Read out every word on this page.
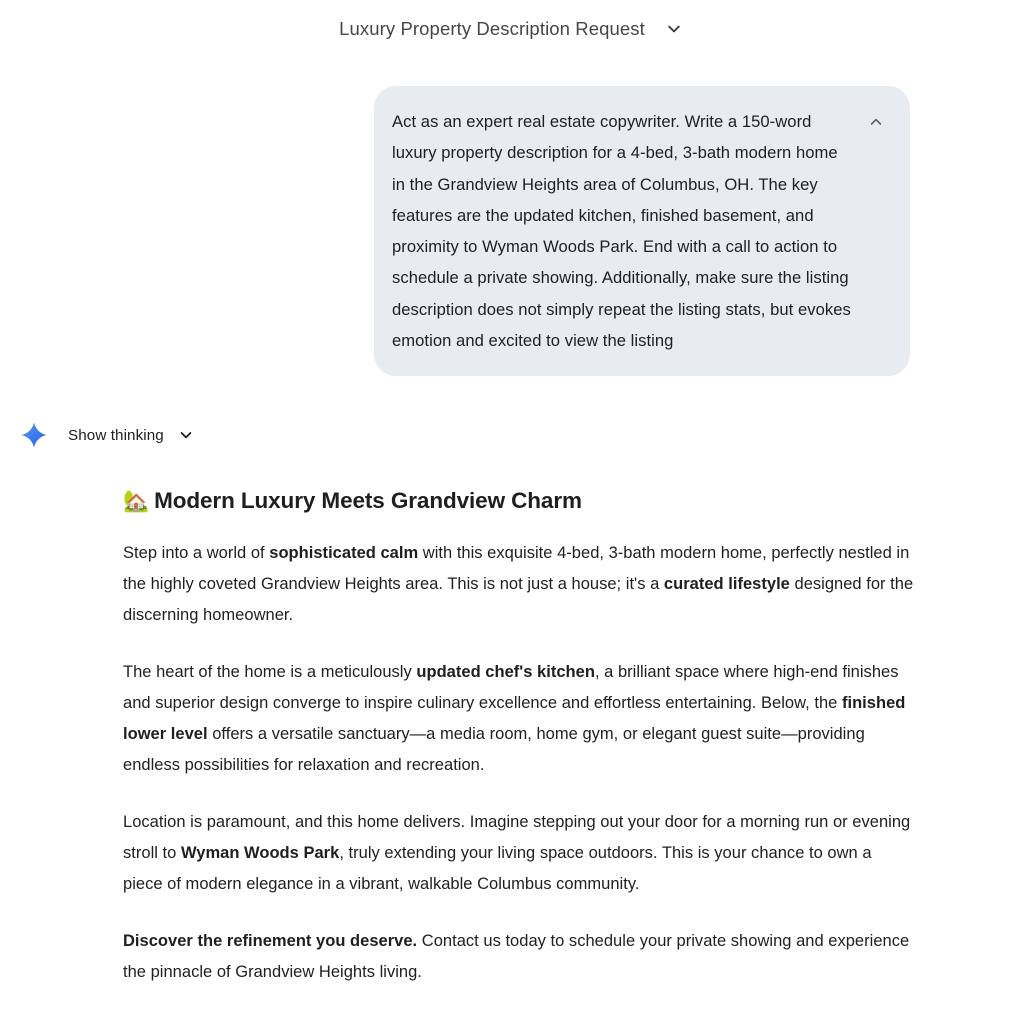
Luxury Property Description Request
Act as an expert real estate copywriter. Write a 150-word luxury property description for a 4-bed, 3-bath modern home in the Grandview Heights area of Columbus, OH. The key features are the updated kitchen, finished basement, and proximity to Wyman Woods Park. End with a call to action to schedule a private showing. Additionally, make sure the listing description does not simply repeat the listing stats, but evokes emotion and excited to view the listing
Show thinking
🏡 Modern Luxury Meets Grandview Charm

Step into a world of sophisticated calm with this exquisite 4-bed, 3-bath modern home, perfectly nestled in the highly coveted Grandview Heights area. This is not just a house; it's a curated lifestyle designed for the discerning homeowner.

The heart of the home is a meticulously updated chef's kitchen, a brilliant space where high-end finishes and superior design converge to inspire culinary excellence and effortless entertaining. Below, the finished lower level offers a versatile sanctuary—a media room, home gym, or elegant guest suite—providing endless possibilities for relaxation and recreation.

Location is paramount, and this home delivers. Imagine stepping out your door for a morning run or evening stroll to Wyman Woods Park, truly extending your living space outdoors. This is your chance to own a piece of modern elegance in a vibrant, walkable Columbus community.

Discover the refinement you deserve. Contact us today to schedule your private showing and experience the pinnacle of Grandview Heights living.
